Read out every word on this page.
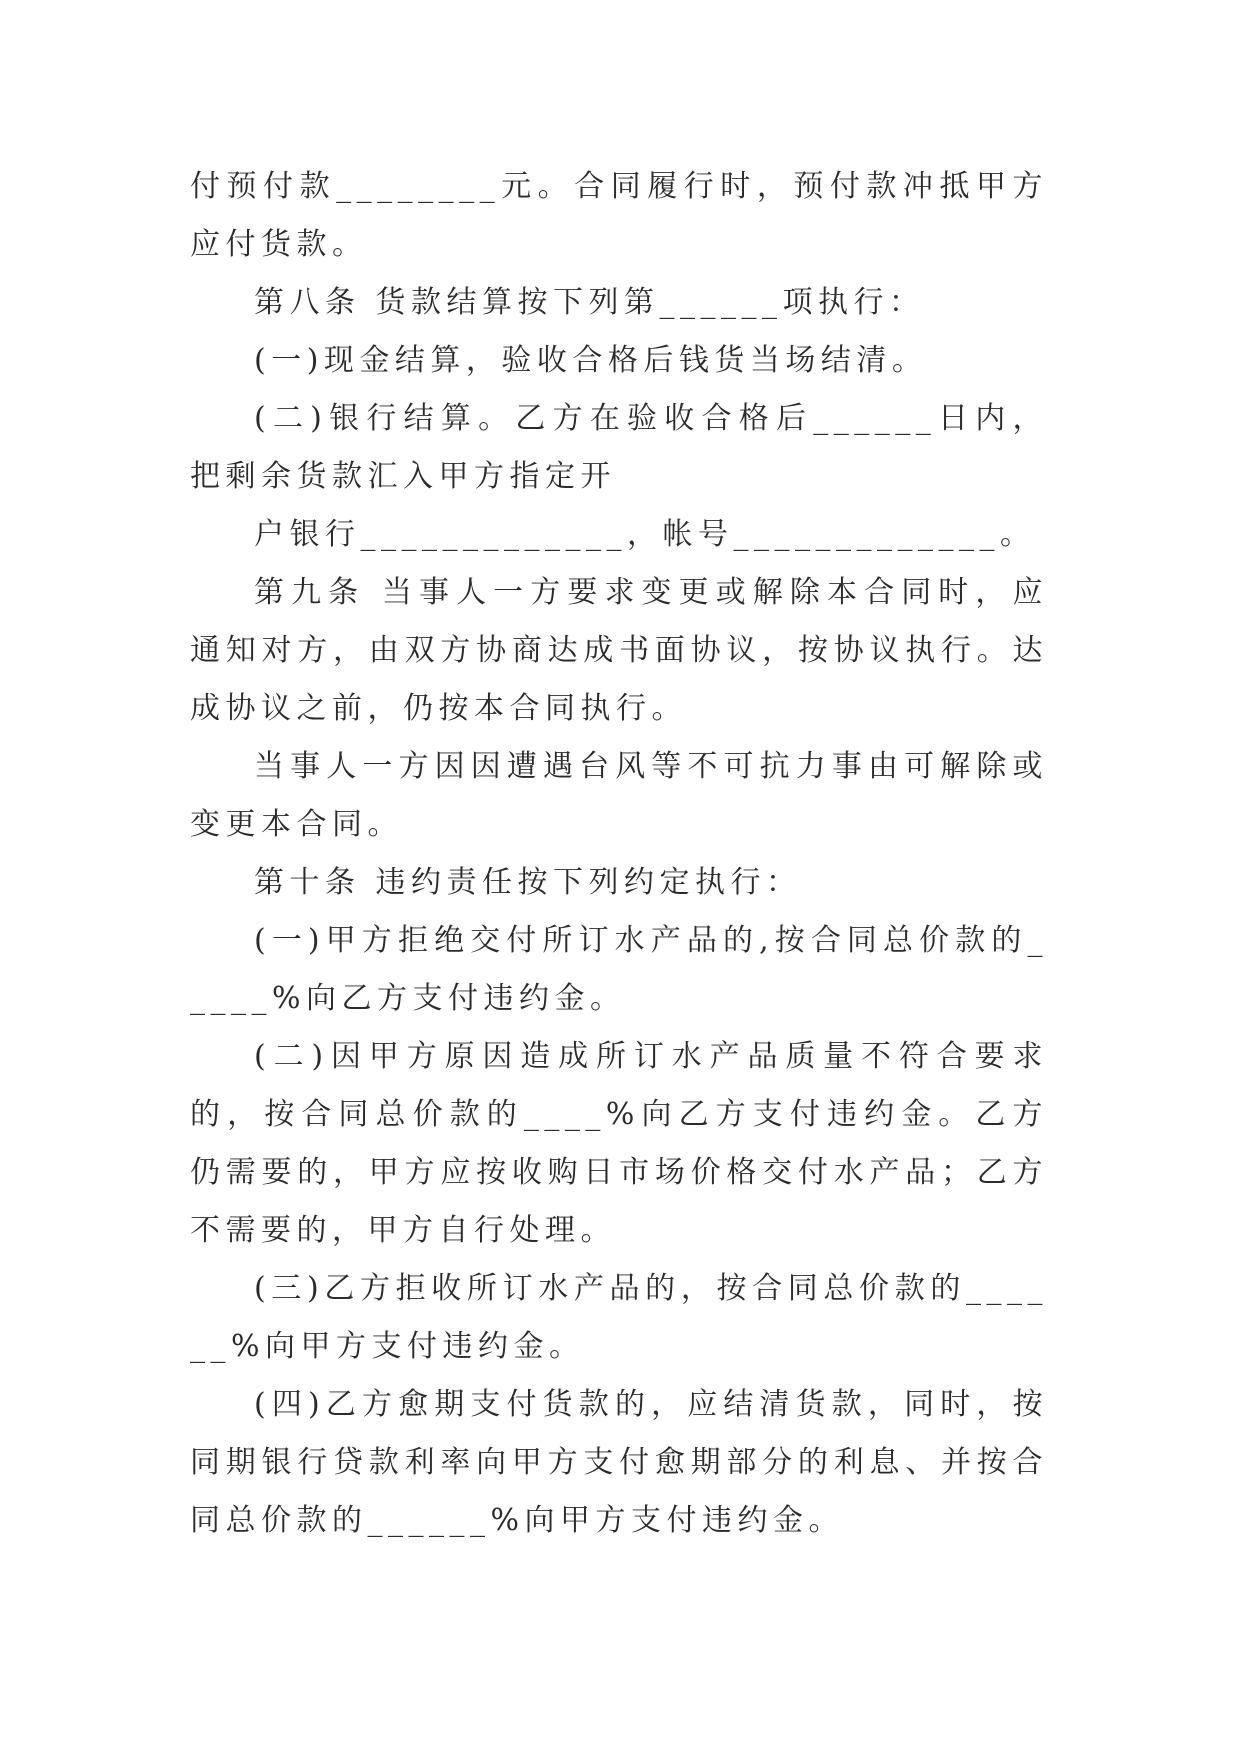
付预付款________元。合同履行时，预付款冲抵甲方应付货款。

第八条 货款结算按下列第______项执行：

(一)现金结算，验收合格后钱货当场结清。

(二)银行结算。乙方在验收合格后______日内，把剩余货款汇入甲方指定开

户银行_____________，帐号_____________。

第九条 当事人一方要求变更或解除本合同时，应通知对方，由双方协商达成书面协议，按协议执行。达成协议之前，仍按本合同执行。

当事人一方因因遭遇台风等不可抗力事由可解除或变更本合同。

第十条 违约责任按下列约定执行：

(一)甲方拒绝交付所订水产品的,按合同总价款的_____%向乙方支付违约金。

(二)因甲方原因造成所订水产品质量不符合要求的，按合同总价款的____%向乙方支付违约金。乙方仍需要的，甲方应按收购日市场价格交付水产品；乙方不需要的，甲方自行处理。

(三)乙方拒收所订水产品的，按合同总价款的______%向甲方支付违约金。

(四)乙方愈期支付货款的，应结清货款，同时，按同期银行贷款利率向甲方支付愈期部分的利息、并按合同总价款的______%向甲方支付违约金。
